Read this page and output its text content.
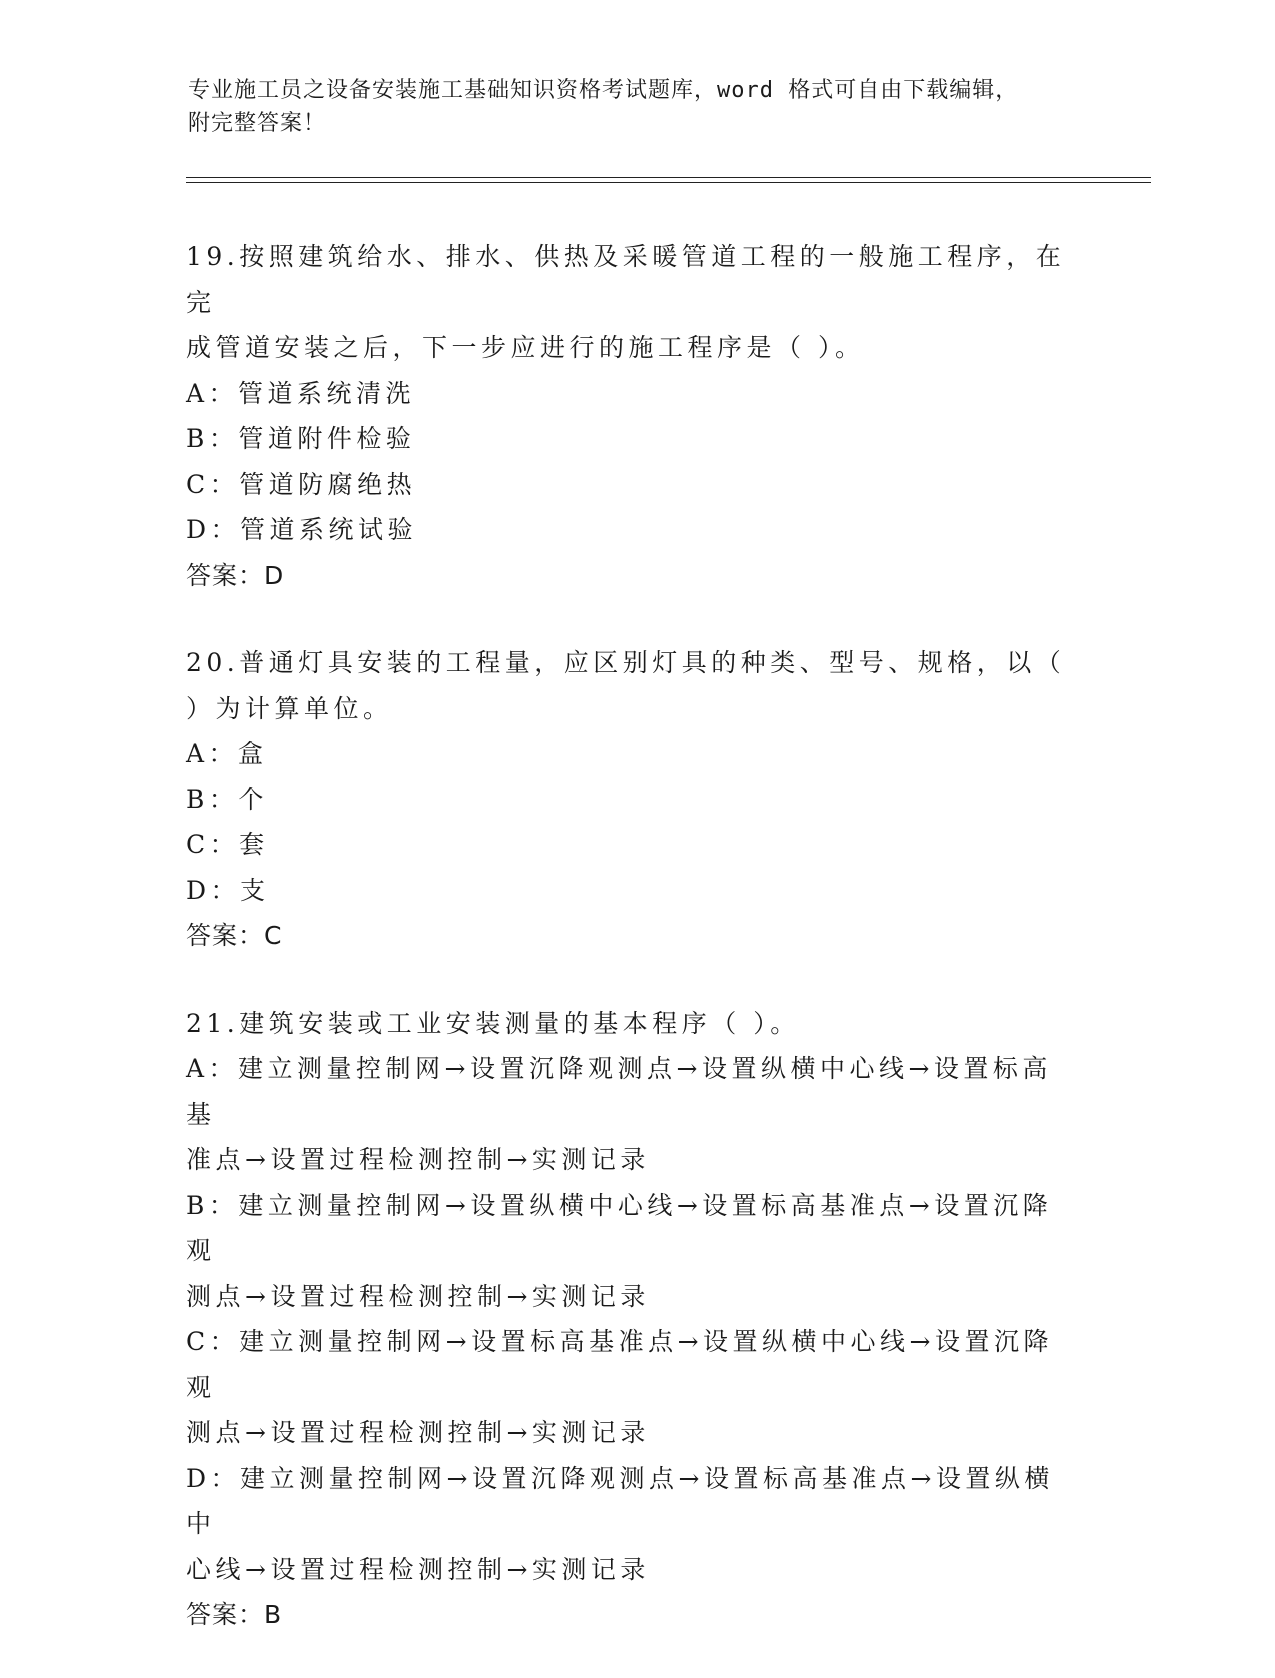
专业施工员之设备安装施工基础知识资格考试题库，word 格式可自由下载编辑，
附完整答案！

19.按照建筑给水、排水、供热及采暖管道工程的一般施工程序，在完
成管道安装之后，下一步应进行的施工程序是（ ）。

A：管道系统清洗

B：管道附件检验

C：管道防腐绝热

D：管道系统试验

答案：D

20.普通灯具安装的工程量，应区别灯具的种类、型号、规格，以（
）为计算单位。

A：盒

B：个

C：套

D：支

答案：C

21.建筑安装或工业安装测量的基本程序（ ）。

A：建立测量控制网→设置沉降观测点→设置纵横中心线→设置标高基
准点→设置过程检测控制→实测记录

B：建立测量控制网→设置纵横中心线→设置标高基准点→设置沉降观
测点→设置过程检测控制→实测记录

C：建立测量控制网→设置标高基准点→设置纵横中心线→设置沉降观
测点→设置过程检测控制→实测记录

D：建立测量控制网→设置沉降观测点→设置标高基准点→设置纵横中
心线→设置过程检测控制→实测记录

答案：B
